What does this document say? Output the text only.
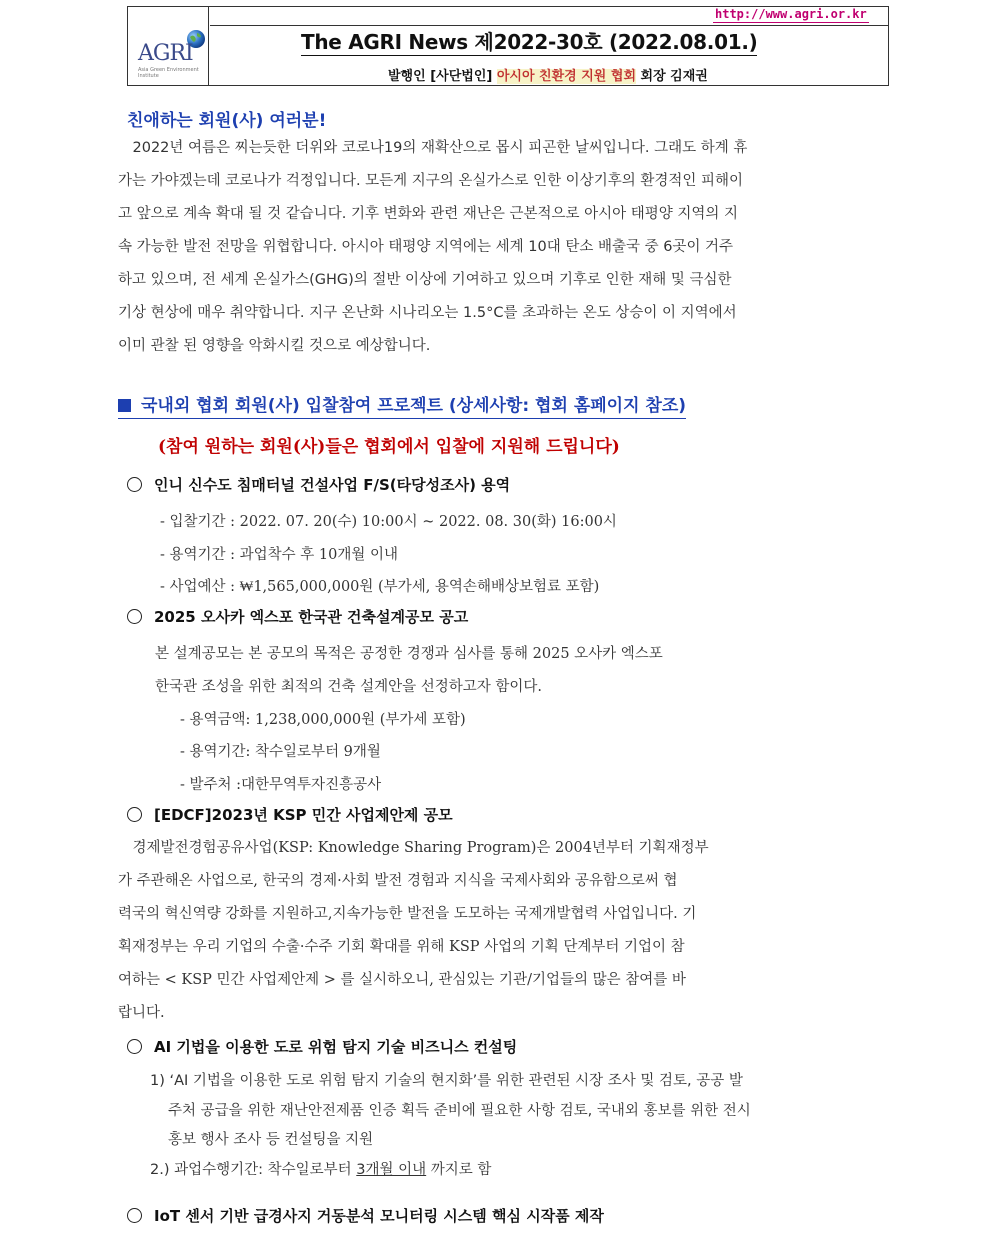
AGRI
Asia Green Environment Institute
http://www.agri.or.kr
The AGRI News 제2022-30호 (2022.08.01.)
발행인 [사단법인] 아시아 친환경 지원 협회 회장 김재권
친애하는 회원(사) 여러분!
　2022년 여름은 찌는듯한 더위와 코로나19의 재확산으로 몹시 피곤한 날씨입니다. 그래도 하계 휴
가는 가야겠는데 코로나가 걱정입니다. 모든게 지구의 온실가스로 인한 이상기후의 환경적인 피해이
고 앞으로 계속 확대 될 것 같습니다. 기후 변화와 관련 재난은 근본적으로 아시아 태평양 지역의 지
속 가능한 발전 전망을 위협합니다. 아시아 태평양 지역에는 세계 10대 탄소 배출국 중 6곳이 거주
하고 있으며, 전 세계 온실가스(GHG)의 절반 이상에 기여하고 있으며 기후로 인한 재해 및 극심한
기상 현상에 매우 취약합니다. 지구 온난화 시나리오는 1.5°C를 초과하는 온도 상승이 이 지역에서
이미 관찰 된 영향을 악화시킬 것으로 예상합니다.
국내외 협회 회원(사) 입찰참여 프로젝트 (상세사항: 협회 홈페이지 참조)
(참여 원하는 회원(사)들은 협회에서 입찰에 지원해 드립니다)
인니 신수도 침매터널 건설사업 F/S(타당성조사) 용역
- 입찰기간 : 2022. 07. 20(수) 10:00시 ~ 2022. 08. 30(화) 16:00시
- 용역기간 : 과업착수 후 10개월 이내
- 사업예산 : ₩1,565,000,000원 (부가세, 용역손해배상보험료 포함)
2025 오사카 엑스포 한국관 건축설계공모 공고
본 설계공모는 본 공모의 목적은 공정한 경쟁과 심사를 통해 2025 오사카 엑스포
한국관 조성을 위한 최적의 건축 설계안을 선정하고자 함이다.
- 용역금액: 1,238,000,000원 (부가세 포함)
- 용역기간: 착수일로부터 9개월
- 발주처 :대한무역투자진흥공사
[EDCF]2023년 KSP 민간 사업제안제 공모
　경제발전경험공유사업(KSP: Knowledge Sharing Program)은 2004년부터 기획재정부
가 주관해온 사업으로, 한국의 경제·사회 발전 경험과 지식을 국제사회와 공유함으로써 협
력국의 혁신역량 강화를 지원하고,지속가능한 발전을 도모하는 국제개발협력 사업입니다. 기
획재정부는 우리 기업의 수출·수주 기회 확대를 위해 KSP 사업의 기획 단계부터 기업이 참
여하는 < KSP 민간 사업제안제 > 를 실시하오니, 관심있는 기관/기업들의 많은 참여를 바
랍니다.
AI 기법을 이용한 도로 위험 탐지 기술 비즈니스 컨설팅
1) ‘AI 기법을 이용한 도로 위험 탐지 기술의 현지화’를 위한 관련된 시장 조사 및 검토, 공공 발
주처 공급을 위한 재난안전제품 인증 획득 준비에 필요한 사항 검토, 국내외 홍보를 위한 전시
홍보 행사 조사 등 컨설팅을 지원
2.) 과업수행기간: 착수일로부터 3개월 이내 까지로 함
IoT 센서 기반 급경사지 거동분석 모니터링 시스템 핵심 시작품 제작
